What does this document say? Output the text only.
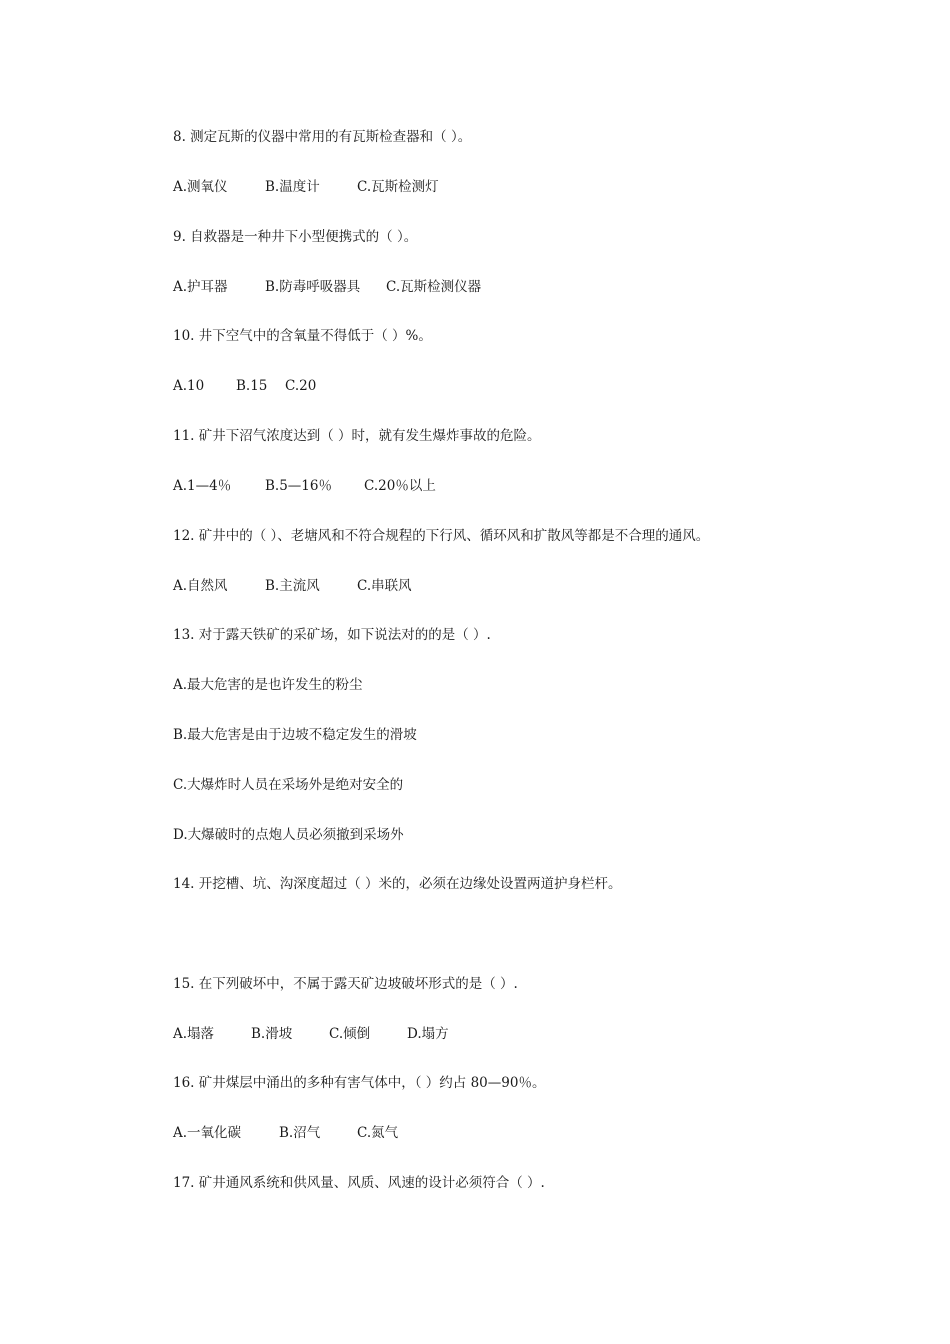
8. 测定瓦斯的仪器中常用的有瓦斯检查器和（ ）。
A.测氧仪	B.温度计	C.瓦斯检测灯
9. 自救器是一种井下小型便携式的（ ）。
A.护耳器	B.防毒呼吸器具 C.瓦斯检测仪器
10. 井下空气中的含氧量不得低于（ ）%。
A.10 B.15 C.20
11. 矿井下沼气浓度达到（ ）时，就有发生爆炸事故的危险。
A.1—4％	B.5—16％ C.20％以上
12. 矿井中的（ ）、老塘风和不符合规程的下行风、循环风和扩散风等都是不合理的通风。
A.自然风	B.主流风	C.串联风
13. 对于露天铁矿的采矿场，如下说法对的的是（ ）.
A.最大危害的是也许发生的粉尘
B.最大危害是由于边坡不稳定发生的滑坡
C.大爆炸时人员在采场外是绝对安全的
D.大爆破时的点炮人员必须撤到采场外
14. 开挖槽、坑、沟深度超过（ ）米的，必须在边缘处设置两道护身栏杆。
15. 在下列破坏中，不属于露天矿边坡破坏形式的是（ ）.
A.塌落	B.滑坡	C.倾倒	D.塌方
16. 矿井煤层中涌出的多种有害气体中，（ ）约占 80—90％。
A.一氧化碳	B.沼气	C.氮气
17. 矿井通风系统和供风量、风质、风速的设计必须符合（ ）.
